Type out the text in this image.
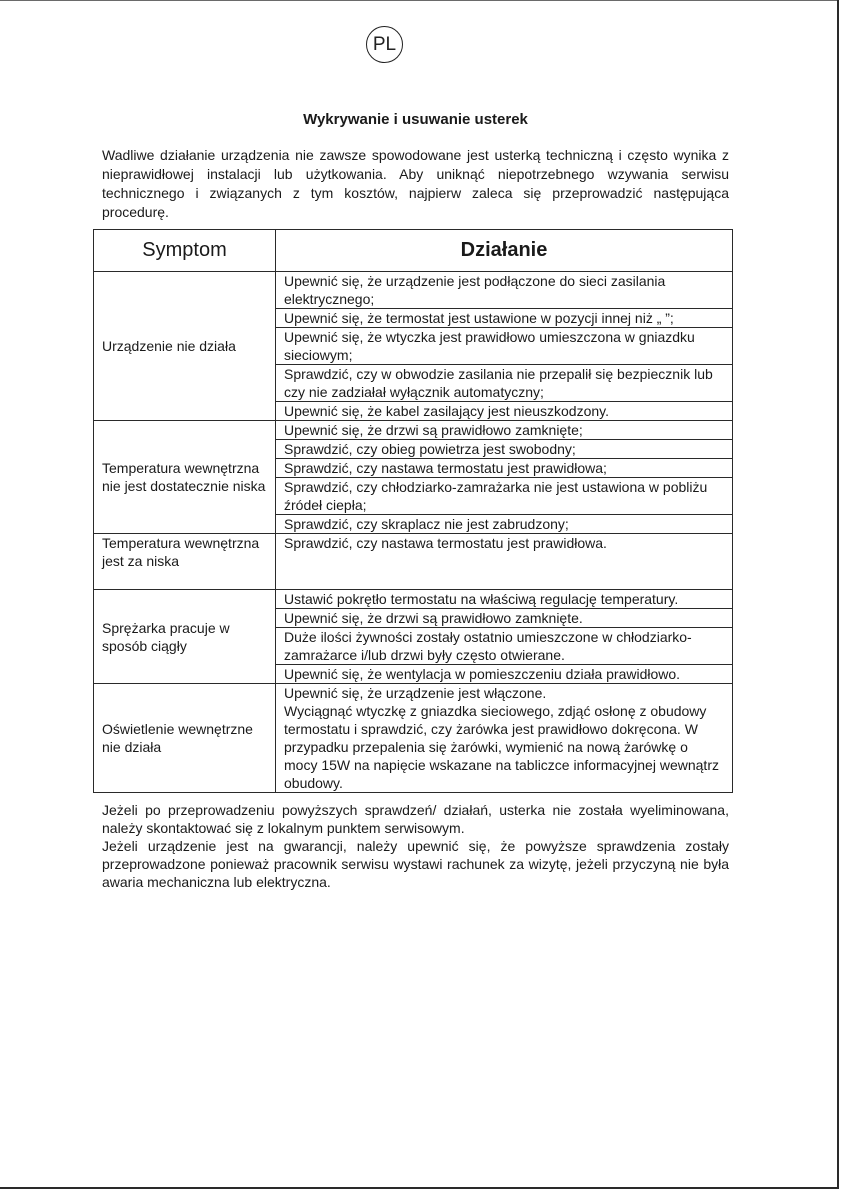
PL
Wykrywanie i usuwanie usterek

Wadliwe działanie urządzenia nie zawsze spowodowane jest usterką techniczną i często wynika z nieprawidłowej instalacji lub użytkowania. Aby uniknąć niepotrzebnego wzywania serwisu technicznego i związanych z tym kosztów, najpierw zaleca się przeprowadzić następująca procedurę.

Symptom	Działanie
Urządzenie nie działa	Upewnić się, że urządzenie jest podłączone do sieci zasilania elektrycznego;
	Upewnić się, że termostat jest ustawione w pozycji innej niż „ ”;
	Upewnić się, że wtyczka jest prawidłowo umieszczona w gniazdku sieciowym;
	Sprawdzić, czy w obwodzie zasilania nie przepalił się bezpiecznik lub czy nie zadziałał wyłącznik automatyczny;
	Upewnić się, że kabel zasilający jest nieuszkodzony.
Temperatura wewnętrzna nie jest dostatecznie niska	Upewnić się, że drzwi są prawidłowo zamknięte;
	Sprawdzić, czy obieg powietrza jest swobodny;
	Sprawdzić, czy nastawa termostatu jest prawidłowa;
	Sprawdzić, czy chłodziarko-zamrażarka nie jest ustawiona w pobliżu źródeł ciepła;
	Sprawdzić, czy skraplacz nie jest zabrudzony;
Temperatura wewnętrzna jest za niska	Sprawdzić, czy nastawa termostatu jest prawidłowa.
Sprężarka pracuje w sposób ciągły	Ustawić pokrętło termostatu na właściwą regulację temperatury.
	Upewnić się, że drzwi są prawidłowo zamknięte.
	Duże ilości żywności zostały ostatnio umieszczone w chłodziarko-zamrażarce i/lub drzwi były często otwierane.
	Upewnić się, że wentylacja w pomieszczeniu działa prawidłowo.
Oświetlenie wewnętrzne nie działa	Upewnić się, że urządzenie jest włączone.
Wyciągnąć wtyczkę z gniazdka sieciowego, zdjąć osłonę z obudowy termostatu i sprawdzić, czy żarówka jest prawidłowo dokręcona. W przypadku przepalenia się żarówki, wymienić na nową żarówkę o mocy 15W na napięcie wskazane na tabliczce informacyjnej wewnątrz obudowy.

Jeżeli po przeprowadzeniu powyższych sprawdzeń/ działań, usterka nie została wyeliminowana, należy skontaktować się z lokalnym punktem serwisowym.

Jeżeli urządzenie jest na gwarancji, należy upewnić się, że powyższe sprawdzenia zostały przeprowadzone ponieważ pracownik serwisu wystawi rachunek za wizytę, jeżeli przyczyną nie była awaria mechaniczna lub elektryczna.
